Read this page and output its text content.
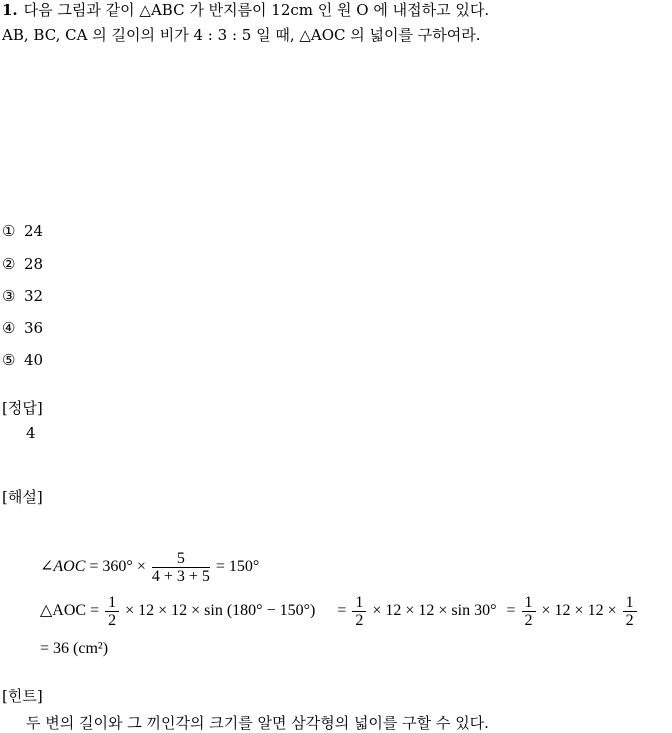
1. 다음 그림과 같이 △ABC 가 반지름이 12cm 인 원 O 에 내접하고 있다.
AB, BC, CA 의 길이의 비가 4 : 3 : 5 일 때, △AOC 의 넓이를 구하여라.
① 24
② 28
③ 32
④ 36
⑤ 40
[정답]
4
[해설]
∠AOC = $360^\circ \times \frac{5}{4 + 3 + 5} = 150^\circ$
△AOC = $\frac{1}{2} \times 12 \times 12 \times \sin (180^\circ - 150^\circ) = \frac{1}{2} \times 12 \times 12 \times \sin 30^\circ = \frac{1}{2} \times 12 \times 12 \times \frac{1}{2}$
= 36 (cm²)
[힌트]
두 변의 길이와 그 끼인각의 크기를 알면 삼각형의 넓이를 구할 수 있다.
